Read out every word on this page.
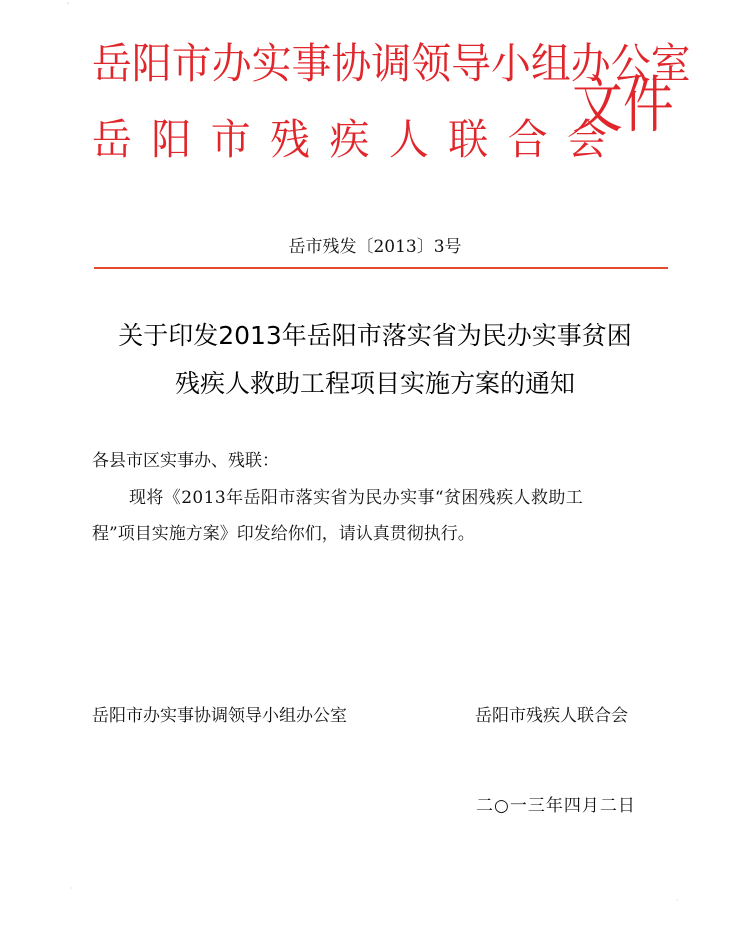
岳阳市办实事协调领导小组办公室
岳阳市残疾人联合会
文件
岳市残发〔2013〕3号
关于印发2013年岳阳市落实省为民办实事贫困
残疾人救助工程项目实施方案的通知
各县市区实事办、残联：
现将《2013年岳阳市落实省为民办实事“贫困残疾人救助工
程”项目实施方案》印发给你们，请认真贯彻执行。
岳阳市办实事协调领导小组办公室	岳阳市残疾人联合会
二○一三年四月二日
ˇ
·
·
